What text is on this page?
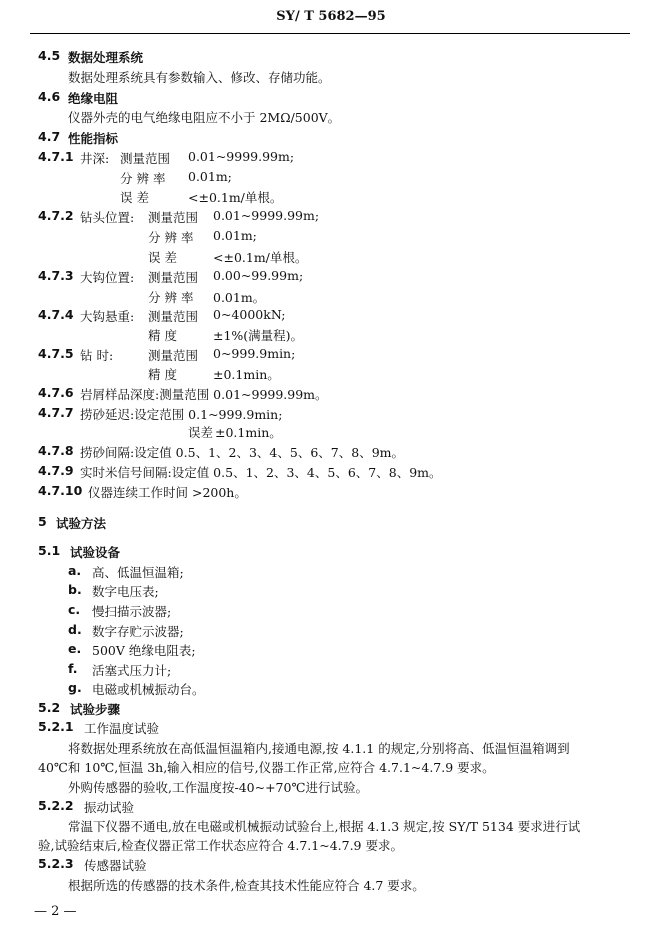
SY/ T 5682—95
4.5 数据处理系统
数据处理系统具有参数输入、修改、存储功能。
4.6 绝缘电阻
仪器外壳的电气绝缘电阻应不小于 2MΩ/500V。
4.7 性能指标
4.7.1 井深: 测量范围 0.01~9999.99m;
分 辨 率 0.01m;
误 差	<±0.1m/单根。
4.7.2 钻头位置: 测量范围 0.01~9999.99m;
分 辨 率 0.01m;
误 差	<±0.1m/单根。
4.7.3 大钩位置: 测量范围 0.00~99.99m;
分 辨 率 0.01m。
4.7.4 大钩悬重: 测量范围 0~4000kN;
精 度	±1%(满量程)。
4.7.5 钻 时:	测量范围 0~999.9min;
精 度	±0.1min。
4.7.6 岩屑样品深度:测量范围 0.01~9999.99m。
4.7.7 捞砂延迟:设定范围 0.1~999.9min;
误差 ±0.1min。
4.7.8 捞砂间隔:设定值 0.5、1、2、3、4、5、6、7、8、9m。
4.7.9 实时米信号间隔:设定值 0.5、1、2、3、4、5、6、7、8、9m。
4.7.10 仪器连续工作时间 >200h。
5 试验方法
5.1 试验设备
a. 高、低温恒温箱;
b. 数字电压表;
c. 慢扫描示波器;
d. 数字存贮示波器;
e. 500V 绝缘电阻表;
f. 活塞式压力计;
g. 电磁或机械振动台。
5.2 试验步骤
5.2.1 工作温度试验
将数据处理系统放在高低温恒温箱内,接通电源,按 4.1.1 的规定,分别将高、低温恒温箱调到
40℃和 10℃,恒温 3h,输入相应的信号,仪器工作正常,应符合 4.7.1~4.7.9 要求。
外购传感器的验收,工作温度按-40~+70℃进行试验。
5.2.2 振动试验
常温下仪器不通电,放在电磁或机械振动试验台上,根据 4.1.3 规定,按 SY/T 5134 要求进行试
验,试验结束后,检查仪器正常工作状态应符合 4.7.1~4.7.9 要求。
5.2.3 传感器试验
根据所选的传感器的技术条件,检查其技术性能应符合 4.7 要求。
— 2 —
